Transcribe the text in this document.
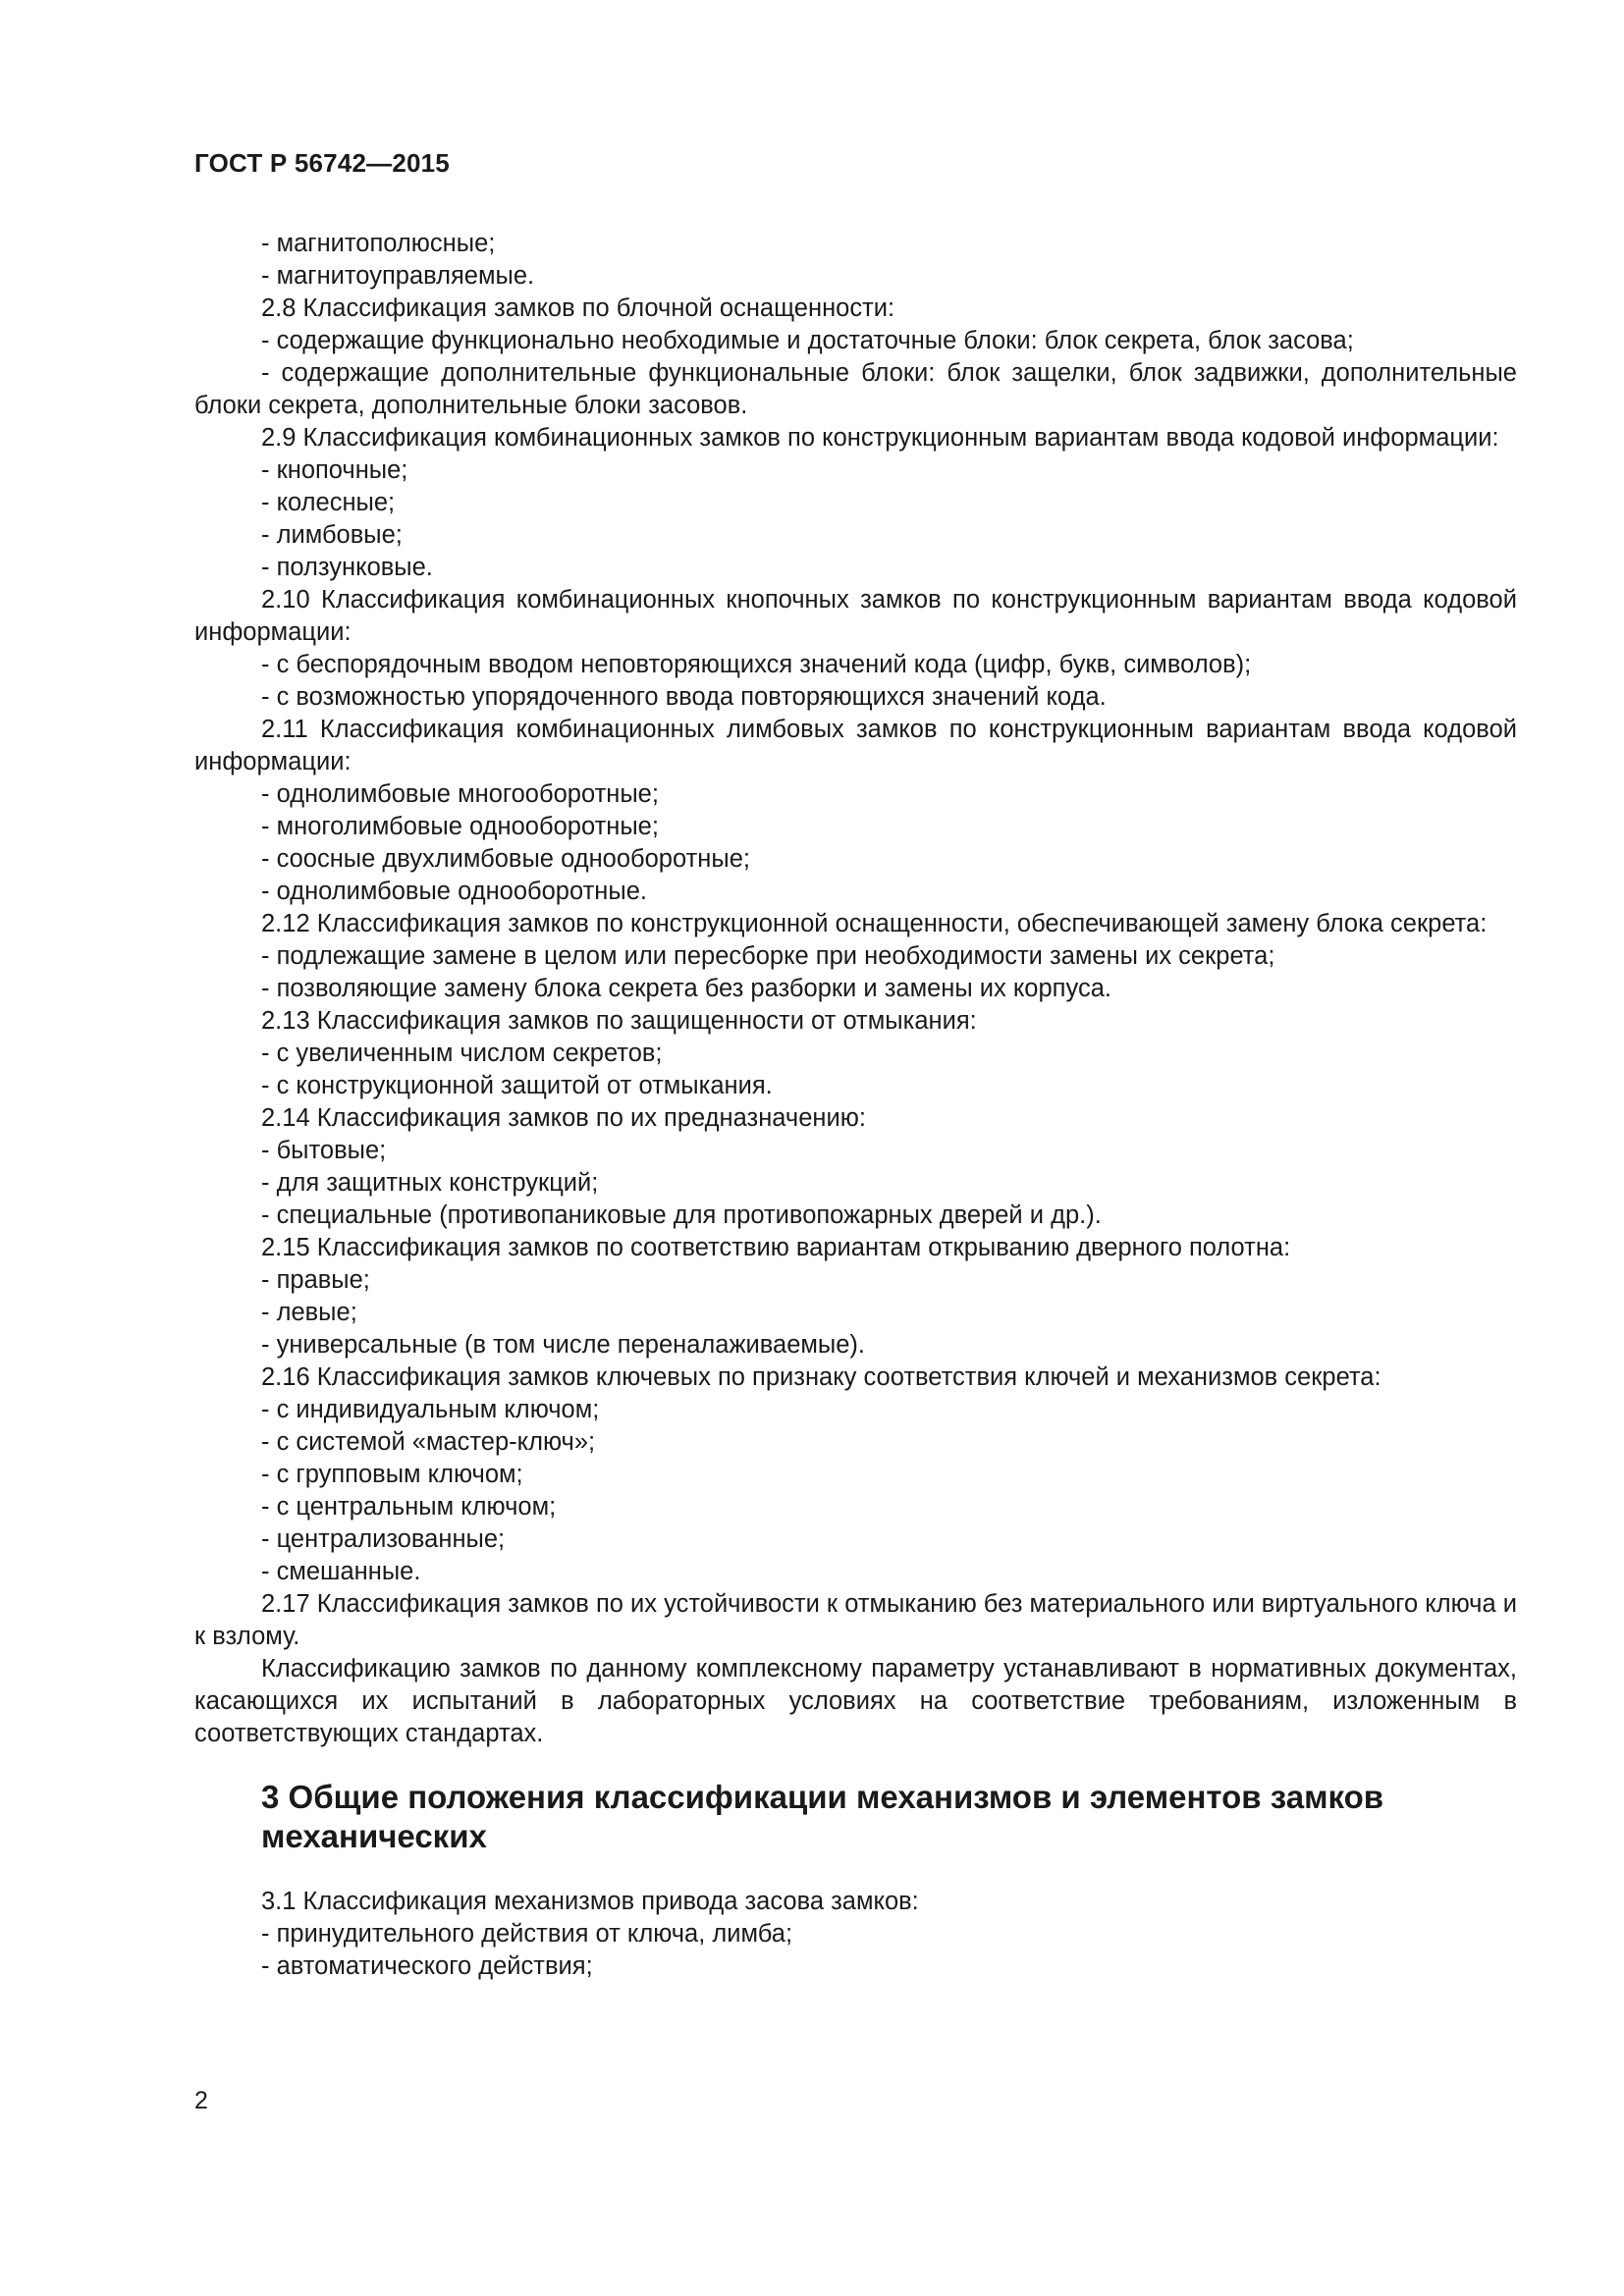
ГОСТ Р 56742—2015
- магнитополюсные;
- магнитоуправляемые.
2.8 Классификация замков по блочной оснащенности:
- содержащие функционально необходимые и достаточные блоки: блок секрета, блок засова;
- содержащие дополнительные функциональные блоки: блок защелки, блок задвижки, дополнительные блоки секрета, дополнительные блоки засовов.
2.9 Классификация комбинационных замков по конструкционным вариантам ввода кодовой информации:
- кнопочные;
- колесные;
- лимбовые;
- ползунковые.
2.10 Классификация комбинационных кнопочных замков по конструкционным вариантам ввода кодовой информации:
- с беспорядочным вводом неповторяющихся значений кода (цифр, букв, символов);
- с возможностью упорядоченного ввода повторяющихся значений кода.
2.11 Классификация комбинационных лимбовых замков по конструкционным вариантам ввода кодовой информации:
- однолимбовые многооборотные;
- многолимбовые однооборотные;
- соосные двухлимбовые однооборотные;
- однолимбовые однооборотные.
2.12 Классификация замков по конструкционной оснащенности, обеспечивающей замену блока секрета:
- подлежащие замене в целом или пересборке при необходимости замены их секрета;
- позволяющие замену блока секрета без разборки и замены их корпуса.
2.13 Классификация замков по защищенности от отмыкания:
- с увеличенным числом секретов;
- с конструкционной защитой от отмыкания.
2.14 Классификация замков по их предназначению:
- бытовые;
- для защитных конструкций;
- специальные (противопаниковые для противопожарных дверей и др.).
2.15 Классификация замков по соответствию вариантам открыванию дверного полотна:
- правые;
- левые;
- универсальные (в том числе переналаживаемые).
2.16 Классификация замков ключевых по признаку соответствия ключей и механизмов секрета:
- с индивидуальным ключом;
- с системой «мастер-ключ»;
- с групповым ключом;
- с центральным ключом;
- централизованные;
- смешанные.
2.17 Классификация замков по их устойчивости к отмыканию без материального или виртуального ключа и к взлому.
Классификацию замков по данному комплексному параметру устанавливают в нормативных документах, касающихся их испытаний в лабораторных условиях на соответствие требованиям, изложенным в соответствующих стандартах.
3 Общие положения классификации механизмов и элементов замков механических
3.1 Классификация механизмов привода засова замков:
- принудительного действия от ключа, лимба;
- автоматического действия;
2
